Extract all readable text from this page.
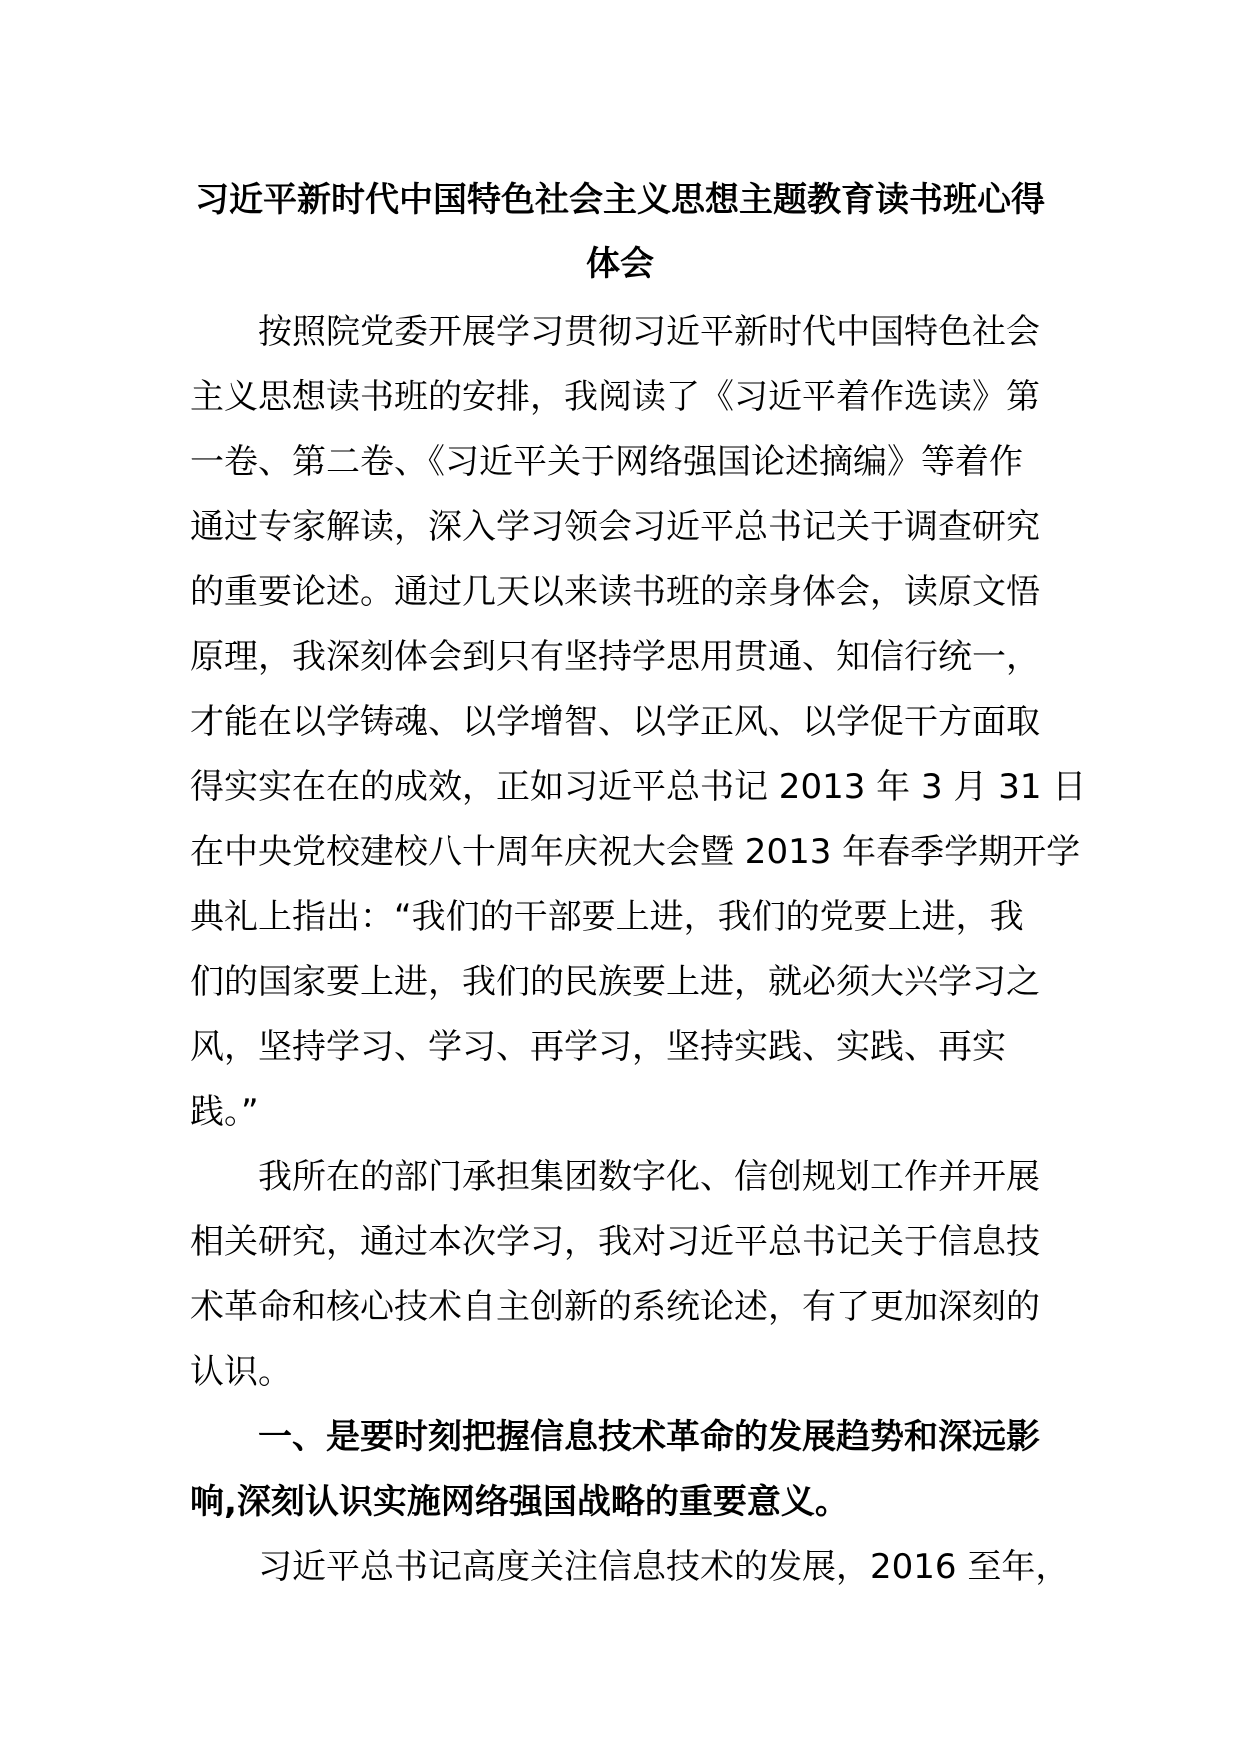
习近平新时代中国特色社会主义思想主题教育读书班心得
体会
按照院党委开展学习贯彻习近平新时代中国特色社会
主义思想读书班的安排，我阅读了《习近平着作选读》第
一卷、第二卷、《习近平关于网络强国论述摘编》等着作
通过专家解读，深入学习领会习近平总书记关于调查研究
的重要论述。通过几天以来读书班的亲身体会，读原文悟
原理，我深刻体会到只有坚持学思用贯通、知信行统一，
才能在以学铸魂、以学增智、以学正风、以学促干方面取
得实实在在的成效，正如习近平总书记 2013 年 3 月 31 日
在中央党校建校八十周年庆祝大会暨 2013 年春季学期开学
典礼上指出：“我们的干部要上进，我们的党要上进，我
们的国家要上进，我们的民族要上进，就必须大兴学习之
风，坚持学习、学习、再学习，坚持实践、实践、再实
践。”
我所在的部门承担集团数字化、信创规划工作并开展
相关研究，通过本次学习，我对习近平总书记关于信息技
术革命和核心技术自主创新的系统论述，有了更加深刻的
认识。
一、是要时刻把握信息技术革命的发展趋势和深远影
响,深刻认识实施网络强国战略的重要意义。
习近平总书记高度关注信息技术的发展，2016 至年，
